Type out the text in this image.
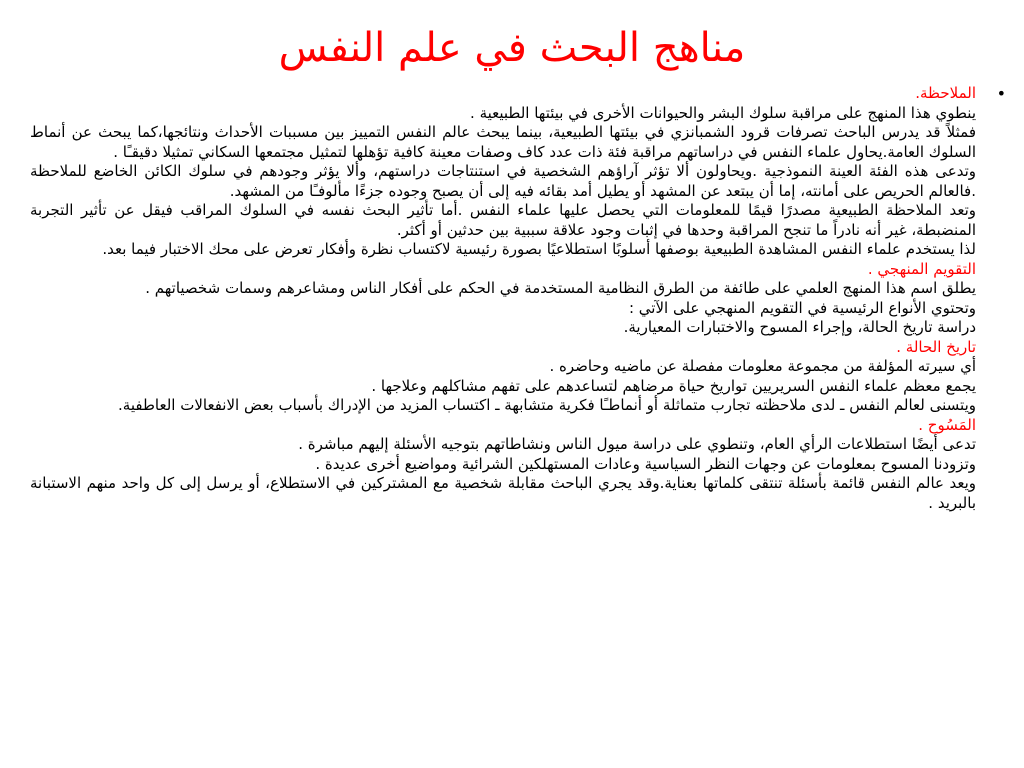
مناهج البحث في علم النفس
•

الملاحظة.

ينطوي هذا المنهج على مراقبة سلوك البشر والحيوانات الأخرى في بيئتها الطبيعية .

فمثلاً قد يدرس الباحث تصرفات قرود الشمبانزي في بيئتها الطبيعية، بينما يبحث عالم النفس التمييز بين مسببات الأحداث ونتائجها،كما يبحث عن أنماط السلوك العامة.يحاول علماء النفس في دراساتهم مراقبة فئة ذات عدد كاف وصفات معينة كافية تؤهلها لتمثيل مجتمعها السكاني تمثيلا دقيقـًا .

وتدعى هذه الفئة العينة النموذجية .ويحاولون ألا تؤثر آراؤهم الشخصية في استنتاجات دراستهم، وألا يؤثر وجودهم في سلوك الكائن الخاضع للملاحظة .فالعالم الحريص على أمانته، إما أن يبتعد عن المشهد أو يطيل أمد بقائه فيه إلى أن يصبح وجوده جزءًا مألوفـًا من المشهد.

وتعد الملاحظة الطبيعية مصدرًا قيمًا للمعلومات التي يحصل عليها علماء النفس .أما تأثير البحث نفسه في السلوك المراقب فيقل عن تأثير التجربة المنضبطة، غير أنه نادراً ما تنجح المراقبة وحدها في إثبات وجود علاقة سببية بين حدثين أو أكثر.

لذا يستخدم علماء النفس المشاهدة الطبيعية بوصفها أسلوبًا استطلاعيًا بصورة رئيسية لاكتساب نظرة وأفكار تعرض على محك الاختبار فيما بعد.

التقويم المنهجي .

يطلق اسم هذا المنهج العلمي على طائفة من الطرق النظامية المستخدمة في الحكم على أفكار الناس ومشاعرهم وسمات شخصياتهم .

وتحتوي الأنواع الرئيسية في التقويم المنهجي على الآتي :

دراسة تاريخ الحالة، وإجراء المسوح والاختبارات المعيارية.

تاريخ الحالة .

أي سيرته المؤلفة من مجموعة معلومات مفصلة عن ماضيه وحاضره .

يجمع معظم علماء النفس السريريين تواريخ حياة مرضاهم لتساعدهم على تفهم مشاكلهم وعلاجها .

ويتسنى لعالم النفس ـ لدى ملاحظته تجارب متماثلة أو أنماطـًا فكرية متشابهة ـ اكتساب المزيد من الإدراك بأسباب بعض الانفعالات العاطفية.

المَسُوح .

تدعى أيضًا استطلاعات الرأي العام، وتنطوي على دراسة ميول الناس ونشاطاتهم بتوجيه الأسئلة إليهم مباشرة .

وتزودنا المسوح بمعلومات عن وجهات النظر السياسية وعادات المستهلكين الشرائية ومواضيع أخرى عديدة .

ويعد عالم النفس قائمة بأسئلة تنتقى كلماتها بعناية.وقد يجري الباحث مقابلة شخصية مع المشتركين في الاستطلاع، أو يرسل إلى كل واحد منهم الاستبانة بالبريد .
